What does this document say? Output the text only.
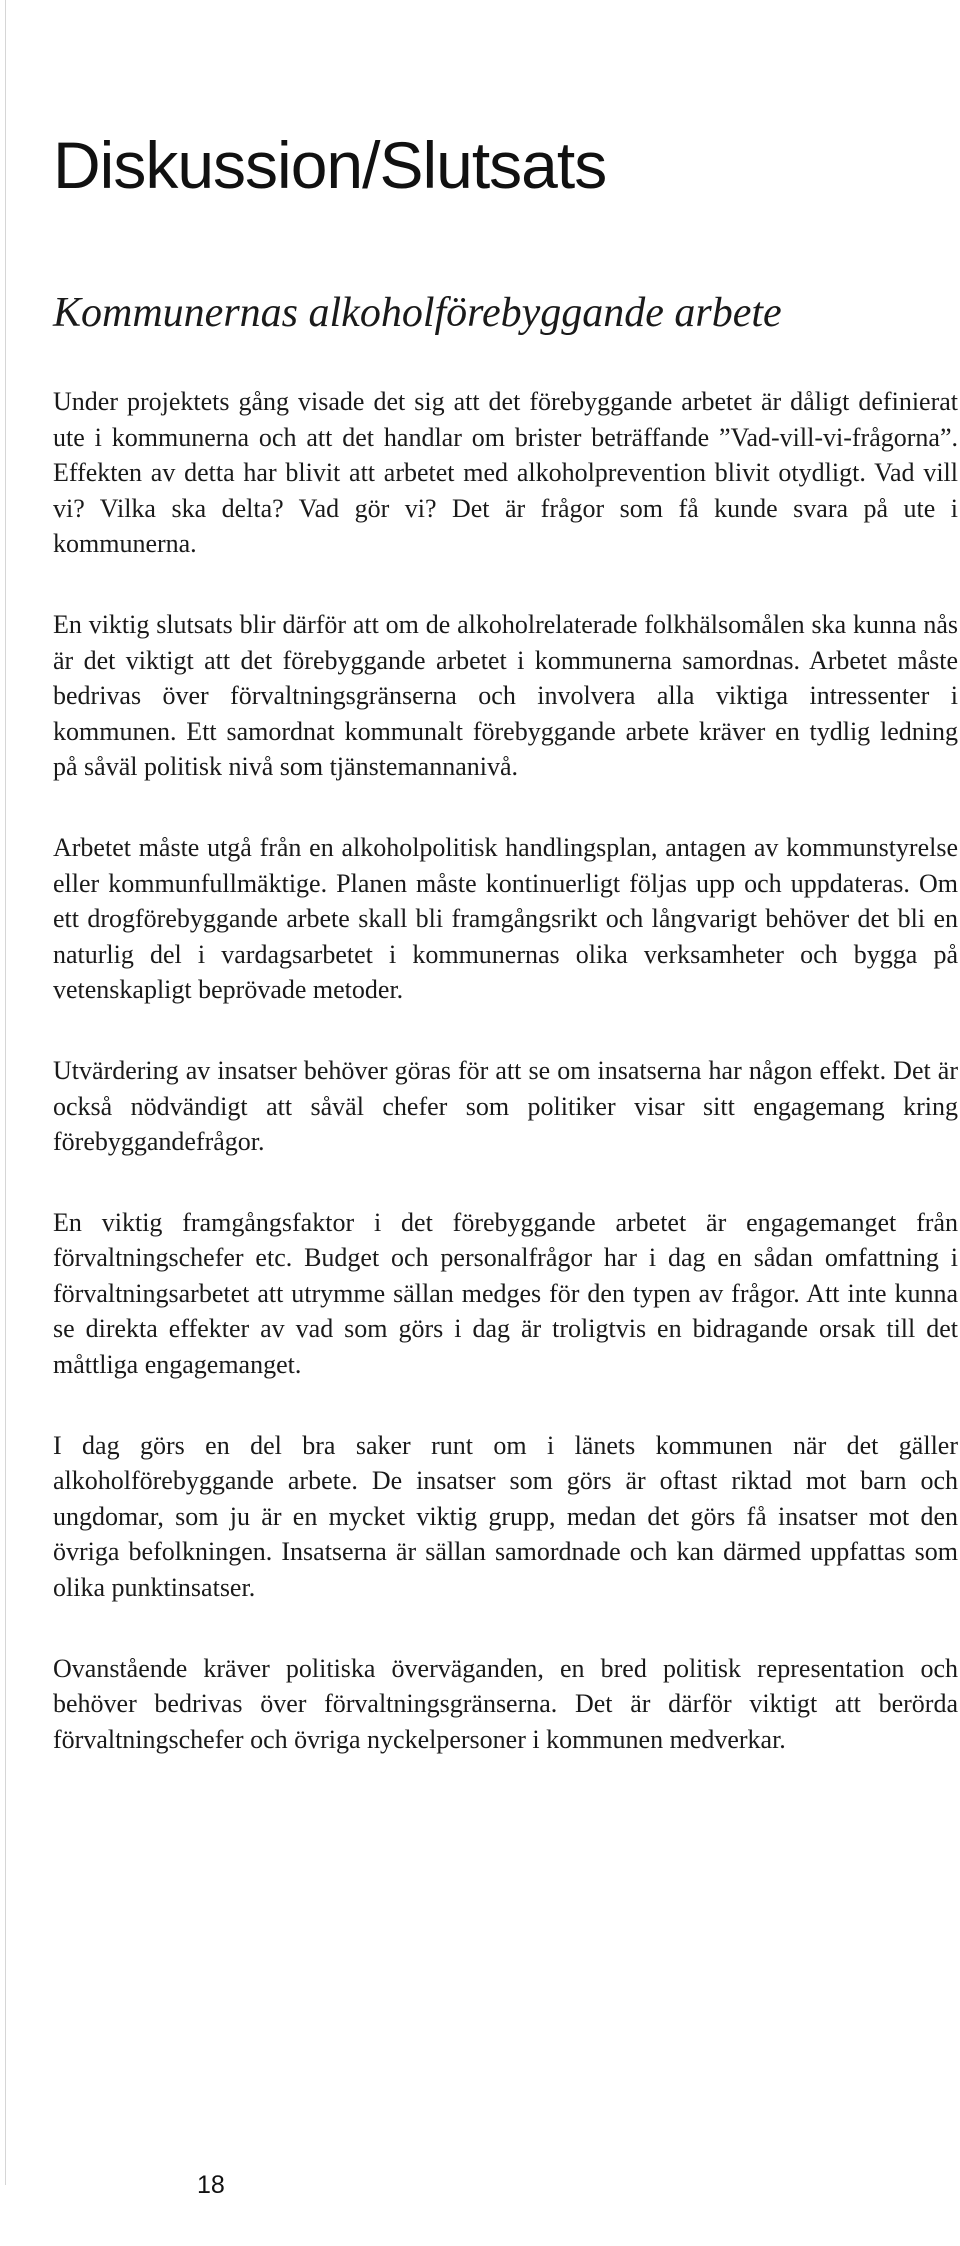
Diskussion/Slutsats
Kommunernas alkoholförebyggande arbete

Under projektets gång visade det sig att det förebyggande arbetet är dåligt definierat ute i kommunerna och att det handlar om brister beträffande ”Vad-vill-vi-frågorna”. Effekten av detta har blivit att arbetet med alkoholprevention blivit otydligt. Vad vill vi? Vilka ska delta? Vad gör vi? Det är frågor som få kunde svara på ute i kommunerna.

En viktig slutsats blir därför att om de alkoholrelaterade folkhälsomålen ska kunna nås är det viktigt att det förebyggande arbetet i kommunerna samordnas. Arbetet måste bedrivas över förvaltningsgränserna och involvera alla viktiga intressenter i kommunen. Ett samordnat kommunalt förebyggande arbete kräver en tydlig ledning på såväl politisk nivå som tjänstemannanivå.

Arbetet måste utgå från en alkoholpolitisk handlingsplan, antagen av kommunstyrelse eller kommunfullmäktige. Planen måste kontinuerligt följas upp och uppdateras. Om ett drogförebyggande arbete skall bli framgångsrikt och långvarigt behöver det bli en naturlig del i vardagsarbetet i kommunernas olika verksamheter och bygga på vetenskapligt beprövade metoder.

Utvärdering av insatser behöver göras för att se om insatserna har någon effekt. Det är också nödvändigt att såväl chefer som politiker visar sitt engagemang kring förebyggandefrågor.

En viktig framgångsfaktor i det förebyggande arbetet är engagemanget från förvaltningschefer etc. Budget och personalfrågor har i dag en sådan omfattning i förvaltningsarbetet att utrymme sällan medges för den typen av frågor. Att inte kunna se direkta effekter av vad som görs i dag är troligtvis en bidragande orsak till det måttliga engagemanget.

I dag görs en del bra saker runt om i länets kommunen när det gäller alkoholförebyggande arbete. De insatser som görs är oftast riktad mot barn och ungdomar, som ju är en mycket viktig grupp, medan det görs få insatser mot den övriga befolkningen. Insatserna är sällan samordnade och kan därmed uppfattas som olika punktinsatser.

Ovanstående kräver politiska överväganden, en bred politisk representation och behöver bedrivas över förvaltningsgränserna. Det är därför viktigt att berörda förvaltningschefer och övriga nyckelpersoner i kommunen medverkar.

18
